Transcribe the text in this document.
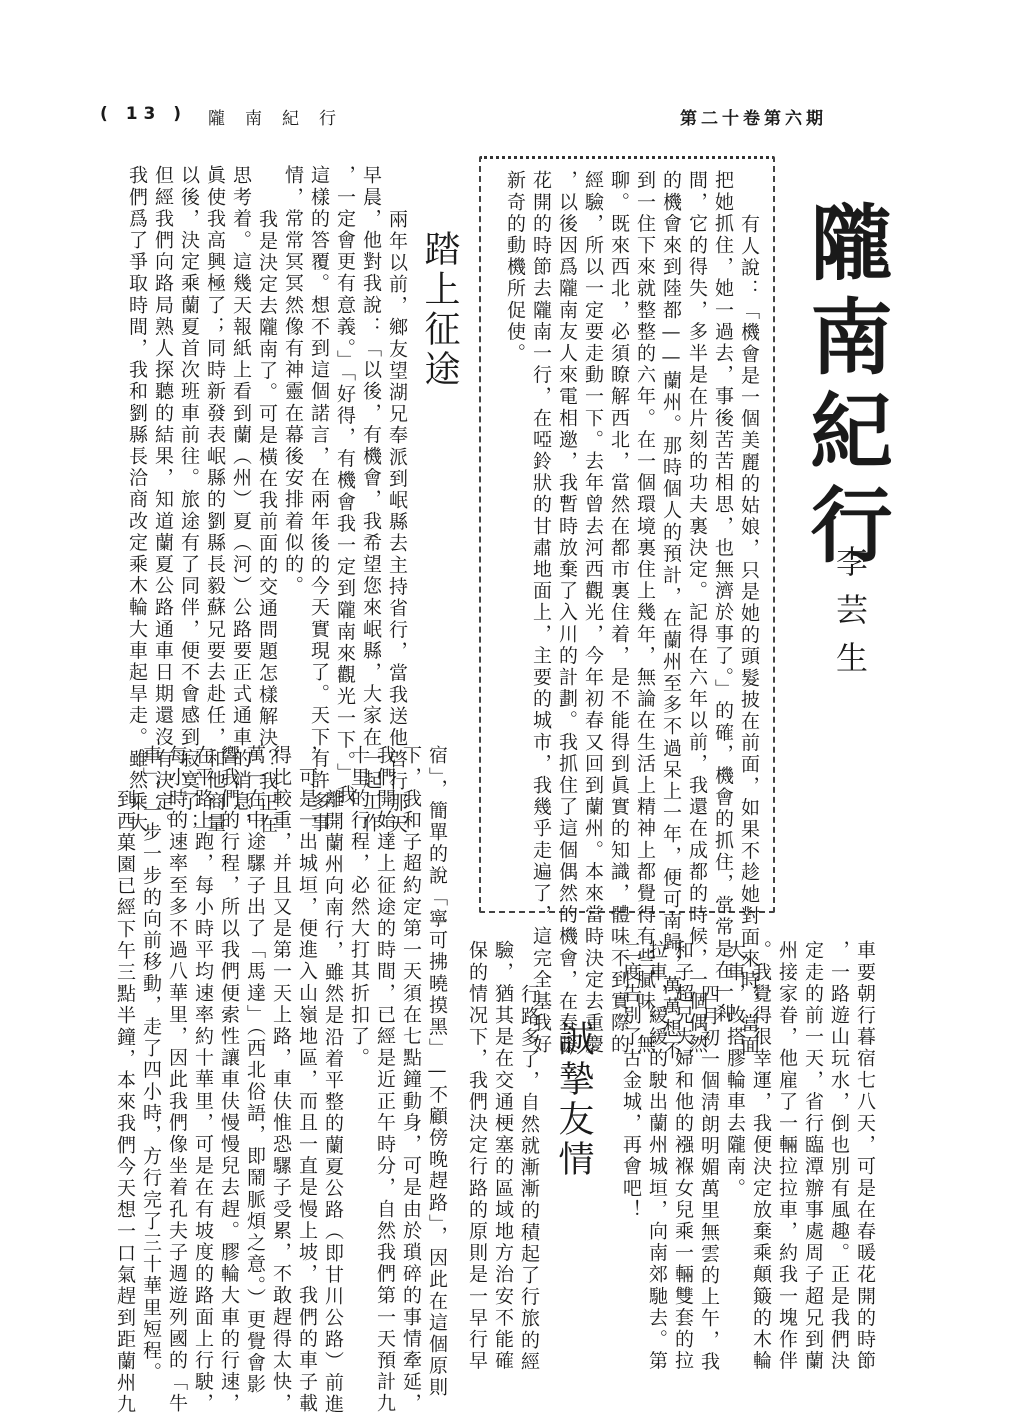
( 13 ) 隴南紀行	第二十卷第六期
隴南紀行
李芸生
有人說：「機會是一個美麗的姑娘，只是她的頭髮披在前面，如果不趁她對面來時，當面
把她抓住，她一過去，事後苦苦相思，也無濟於事了。」的確，機會的抓住，常常是在一剎
間，它的得失，多半是在片刻的功夫裏決定。記得在六年以前，我還在成都的時候，一個偶然
的機會來到陸都——蘭州。那時個人的預計，在蘭州至多不過呆上一年，便可南歸，萬萬想不
到一住下來就整整的六年。在一個環境裏住上幾年，無論在生活上精神上都覺得有些膩味、無
聊。既來西北，必須瞭解西北，當然在都市裏住着，是不能得到眞實的知識，體味不到實際的
經驗，所以一定要走動一下。去年曾去河西觀光，今年初春又回到蘭州。本來當時決定去重慶
，以後因爲隴南友人來電相邀，我暫時放棄了入川的計劃。我抓住了這個偶然的機會，在春暖
花開的時節去隴南一行，在啞鈴狀的甘肅地面上，主要的城市，我幾乎走遍了，這完全基我好
新奇的動機所促使。
車要朝行暮宿七八天，可是在春暖花開的時節
，一路遊山玩水，倒也別有風趣。正是我們決
定走的前一天，省行臨潭辦事處周子超兄到蘭
州接家眷，他雇了一輛拉拉車，約我一塊作伴
。我覺得很幸運，我便決定放棄乘顛簸的木輪
大車，改搭膠輪車去隴南。
四月初一個淸朗明媚萬里無雲的上午，我
和子超兄夫婦和他的襁褓女兒乘一輛雙套的拉
拉車，緩緩的駛出蘭州城垣，向南郊馳去。第
二度告別了古金城，再會吧！
誠摯友情
行路多了，自然就漸漸的積起了行旅的經
驗，猶其是在交通梗塞的區域地方治安不能確
保的情况下，我們決定行路的原則是一早行早
宿」，簡單的說「寧可拂曉摸黑」—不顧傍晚趕路」，因此在這個原則
下，我和子超約定第一天須在七點鐘動身，可是由於瑣碎的事情牽延，
我們開始達上征途的時間，已經是近正午時分，自然我們第一天預計九
十里的行程，必然大打其折扣了。
離開蘭州向南行，雖然是沿着平整的蘭夏公路（即甘川公路）前進
，可是一出城垣，便進入山嶺地區，而且一直是慢上坡，我們的車子載
得比較重，并且又是第一天上路，車伕惟恐騾子受累，不敢趕得太快，
萬一在中途騾子出了「馬達」（西北俗語，即鬧脈煩之意。）更覺會影
響我們的行程，所以我們便索性讓車伕慢慢兒去趕。膠輪大車的行速，
在平路上跑，每小時平均速率約十華里，可是在有坡度的路面上行駛，
每小時的速率至多不過八華里，因此我們像坐着孔夫子週遊列國的「牛
車」，一步一步的向前移動，走了四小時，方行完了三十華里短程。
到西菓園已經下午三點半鐘，本來我們今天想一口氣趕到距蘭州九
踏上征途
兩年以前，鄉友望湖兄奉派到岷縣去主持省行，當我送他啓行那天
早晨，他對我說：「以後，有機會，我希望您來岷縣，大家在一起工作
，一定會更有意義。」「好得，有機會我一定到隴南來觀光一下。」我
這樣的答覆。想不到這個諾言，在兩年後的今天實現了。天下有許多事
情，常常冥冥然像有神靈在幕後安排着似的。
我是決定去隴南了。可是橫在我前面的交通問題怎樣解決？我正在
思考着。這幾天報紙上看到蘭（州）夏（河）公路要正式通車的消息，
眞使我高興極了；同時新發表岷縣的劉縣長毅蘇兄要去赴任，和他商量
以後，決定乘蘭夏首次班車前往。旅途有了同伴，便不會感到寂寞了；
但經我們向路局熟人探聽的結果，知道蘭夏公路通車日期還沒有決定。
我們爲了爭取時間，我和劉縣長洽商改定乘木輪大車起旱走。雖然乘大
